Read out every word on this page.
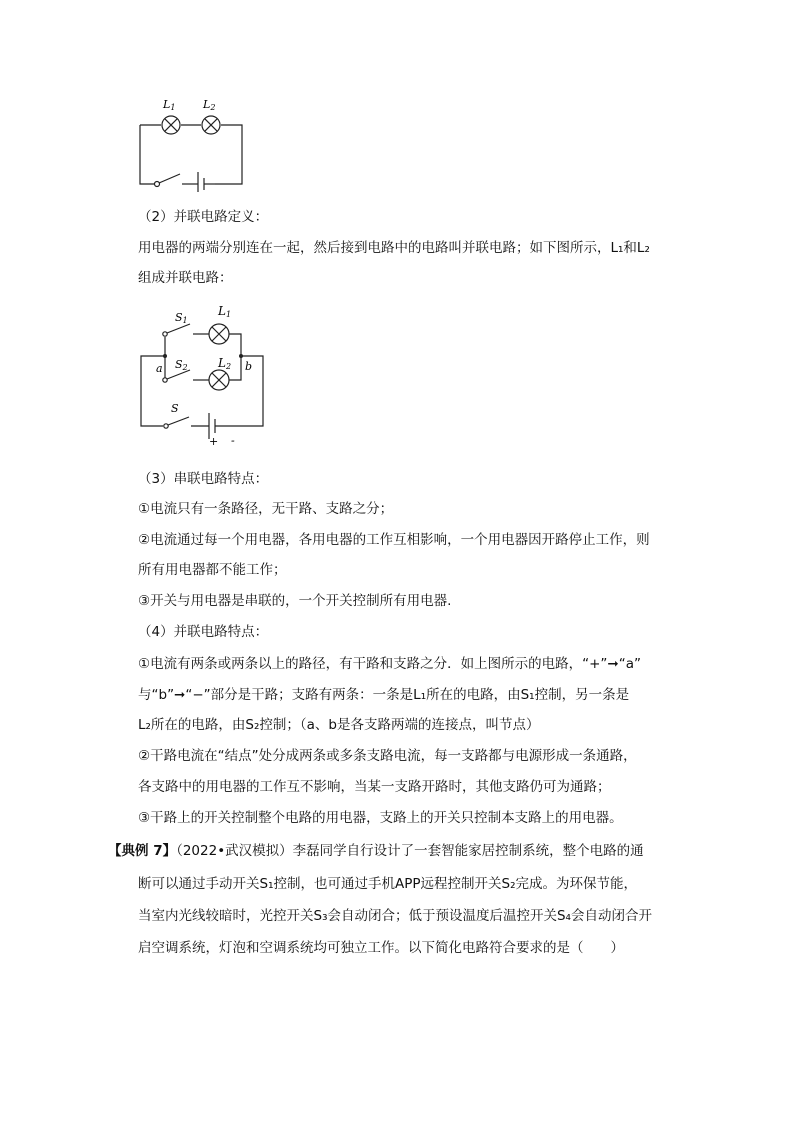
L1	L2
（2）并联电路定义：
用电器的两端分别连在一起，然后接到电路中的电路叫并联电路；如下图所示，L₁和L₂
组成并联电路：
S1
L1
S2	L2
a	b
S
+ -
（3）串联电路特点：
①电流只有一条路径，无干路、支路之分；
②电流通过每一个用电器，各用电器的工作互相影响，一个用电器因开路停止工作，则
所有用电器都不能工作；
③开关与用电器是串联的，一个开关控制所有用电器.
（4）并联电路特点：
①电流有两条或两条以上的路径，有干路和支路之分．如上图所示的电路，“+”➞“a”
与“b”➞“−”部分是干路；支路有两条：一条是L₁所在的电路，由S₁控制，另一条是
L₂所在的电路，由S₂控制；（a、b是各支路两端的连接点，叫节点）
②干路电流在“结点”处分成两条或多条支路电流，每一支路都与电源形成一条通路，
各支路中的用电器的工作互不影响，当某一支路开路时，其他支路仍可为通路；
③干路上的开关控制整个电路的用电器，支路上的开关只控制本支路上的用电器。
【典例 7】（2022•武汉模拟）李磊同学自行设计了一套智能家居控制系统，整个电路的通
断可以通过手动开关S₁控制，也可通过手机APP远程控制开关S₂完成。为环保节能，
当室内光线较暗时，光控开关S₃会自动闭合；低于预设温度后温控开关S₄会自动闭合开
启空调系统，灯泡和空调系统均可独立工作。以下简化电路符合要求的是（　　）
